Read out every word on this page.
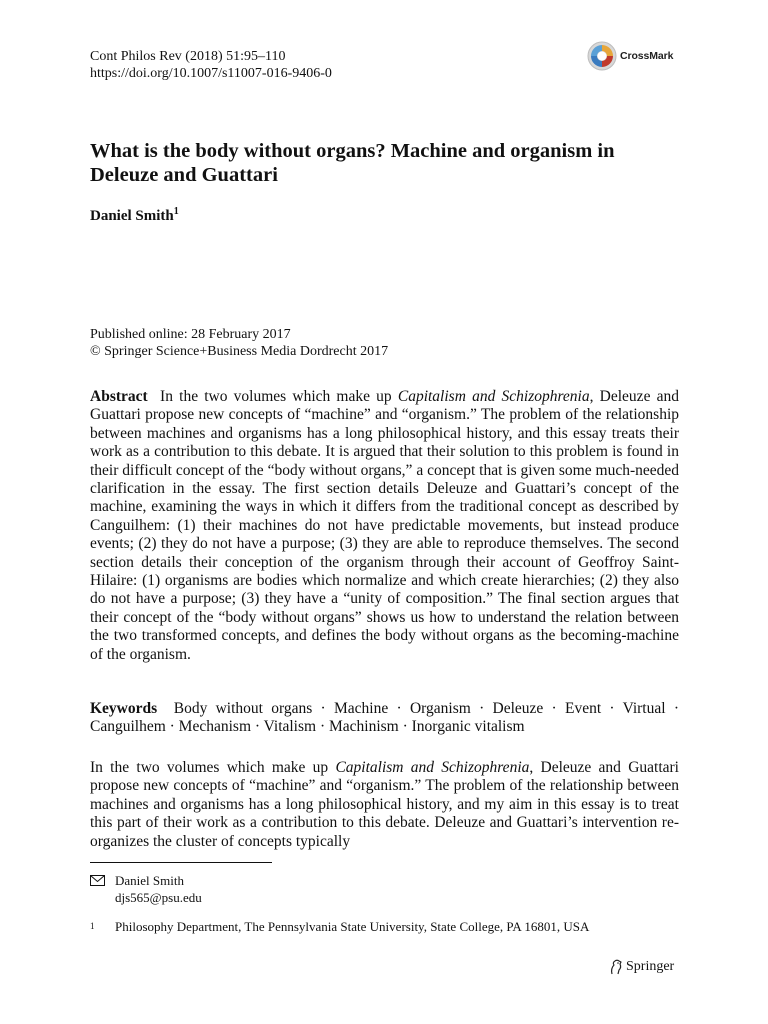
Cont Philos Rev (2018) 51:95–110
https://doi.org/10.1007/s11007-016-9406-0
CrossMark
What is the body without organs? Machine and organism in Deleuze and Guattari
Daniel Smith$^1$
Published online: 28 February 2017
© Springer Science+Business Media Dordrecht 2017

Abstract In the two volumes which make up Capitalism and Schizophrenia, Deleuze and Guattari propose new concepts of “machine” and “organism.” The problem of the relationship between machines and organisms has a long philosophical history, and this essay treats their work as a contribution to this debate. It is argued that their solution to this problem is found in their difficult concept of the “body without organs,” a concept that is given some much-needed clarification in the essay. The first section details Deleuze and Guattari’s concept of the machine, examining the ways in which it differs from the traditional concept as described by Canguilhem: (1) their machines do not have predictable movements, but instead produce events; (2) they do not have a purpose; (3) they are able to reproduce themselves. The second section details their conception of the organism through their account of Geoffroy Saint-Hilaire: (1) organisms are bodies which normalize and which create hierarchies; (2) they also do not have a purpose; (3) they have a “unity of composition.” The final section argues that their concept of the “body without organs” shows us how to understand the relation between the two transformed concepts, and defines the body without organs as the becoming-machine of the organism.

Keywords Body without organs · Machine · Organism · Deleuze · Event · Virtual · Canguilhem · Mechanism · Vitalism · Machinism · Inorganic vitalism

In the two volumes which make up Capitalism and Schizophrenia, Deleuze and Guattari propose new concepts of “machine” and “organism.” The problem of the relationship between machines and organisms has a long philosophical history, and my aim in this essay is to treat this part of their work as a contribution to this debate. Deleuze and Guattari’s intervention re-organizes the cluster of concepts typically

Daniel Smith
djs565@psu.edu
1	Philosophy Department, The Pennsylvania State University, State College, PA 16801, USA
Springer
